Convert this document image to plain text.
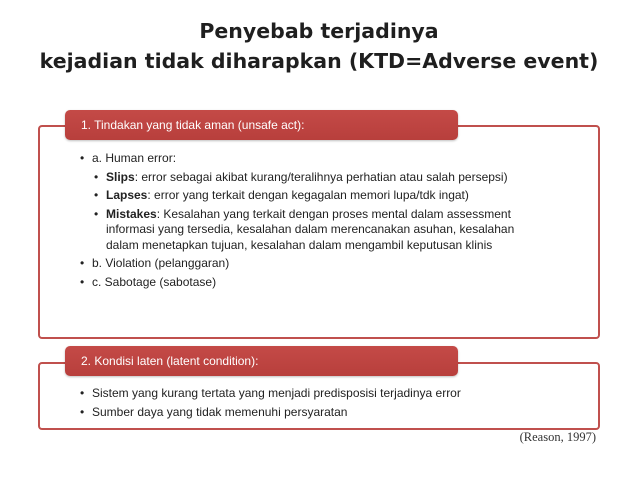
Penyebab terjadinya
kejadian tidak diharapkan (KTD=Adverse event)
1. Tindakan yang tidak aman (unsafe act):
• a. Human error:
• Slips: error sebagai akibat kurang/teralihnya perhatian atau salah persepsi)
• Lapses: error yang terkait dengan kegagalan memori lupa/tdk ingat)
• Mistakes: Kesalahan yang terkait dengan proses mental dalam assessment informasi yang tersedia, kesalahan dalam merencanakan asuhan, kesalahan dalam menetapkan tujuan, kesalahan dalam mengambil keputusan klinis
• b. Violation (pelanggaran)
• c. Sabotage (sabotase)
2. Kondisi laten (latent condition):
• Sistem yang kurang tertata yang menjadi predisposisi terjadinya error
• Sumber daya yang tidak memenuhi persyaratan
(Reason, 1997)
